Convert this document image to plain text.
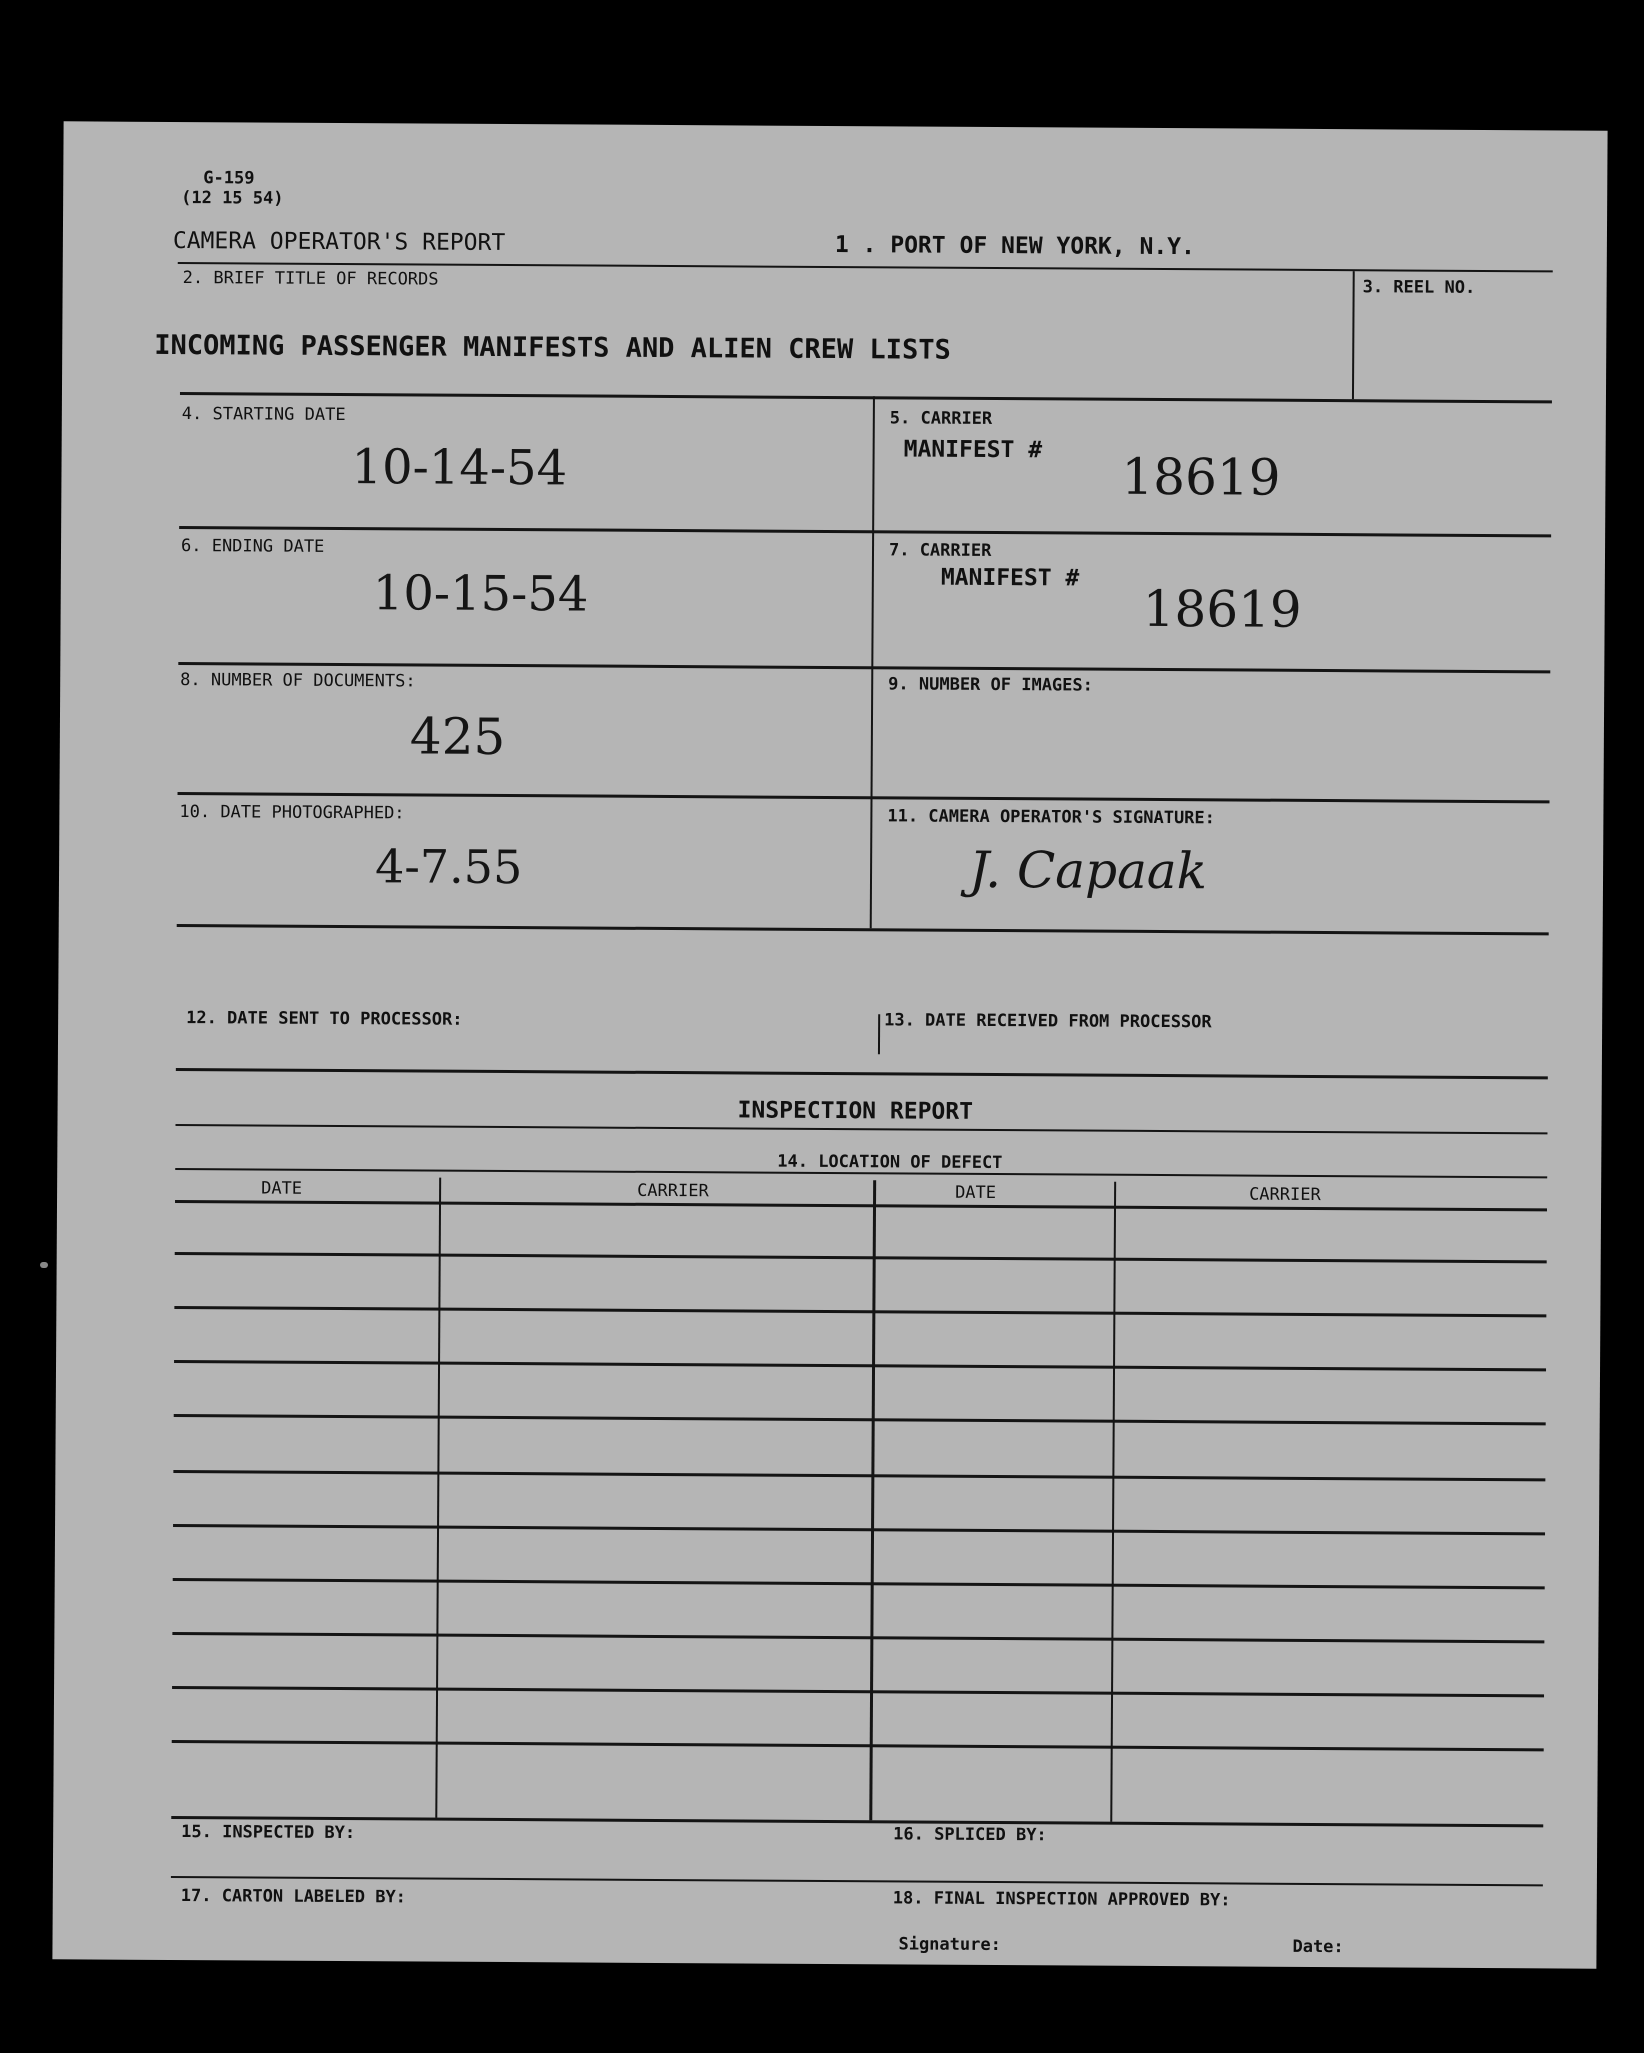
G-159
(12 15 54)
CAMERA OPERATOR'S REPORT	1 . PORT OF NEW YORK, N.Y.
2. BRIEF TITLE OF RECORDS	3. REEL NO.
INCOMING PASSENGER MANIFESTS AND ALIEN CREW LISTS
4. STARTING DATE
10-14-54
5. CARRIER
MANIFEST # 18619
6. ENDING DATE
10-15-54
7. CARRIER
MANIFEST #
18619
8. NUMBER OF DOCUMENTS:
425
9. NUMBER OF IMAGES:
10. DATE PHOTOGRAPHED:
4-7.55
11. CAMERA OPERATOR'S SIGNATURE:
J. Capaak
12. DATE SENT TO PROCESSOR:	13. DATE RECEIVED FROM PROCESSOR
INSPECTION REPORT
14. LOCATION OF DEFECT
DATE	CARRIER	DATE	CARRIER
15. INSPECTED BY:	16. SPLICED BY:
17. CARTON LABELED BY:	18. FINAL INSPECTION APPROVED BY:
Signature:	Date:
